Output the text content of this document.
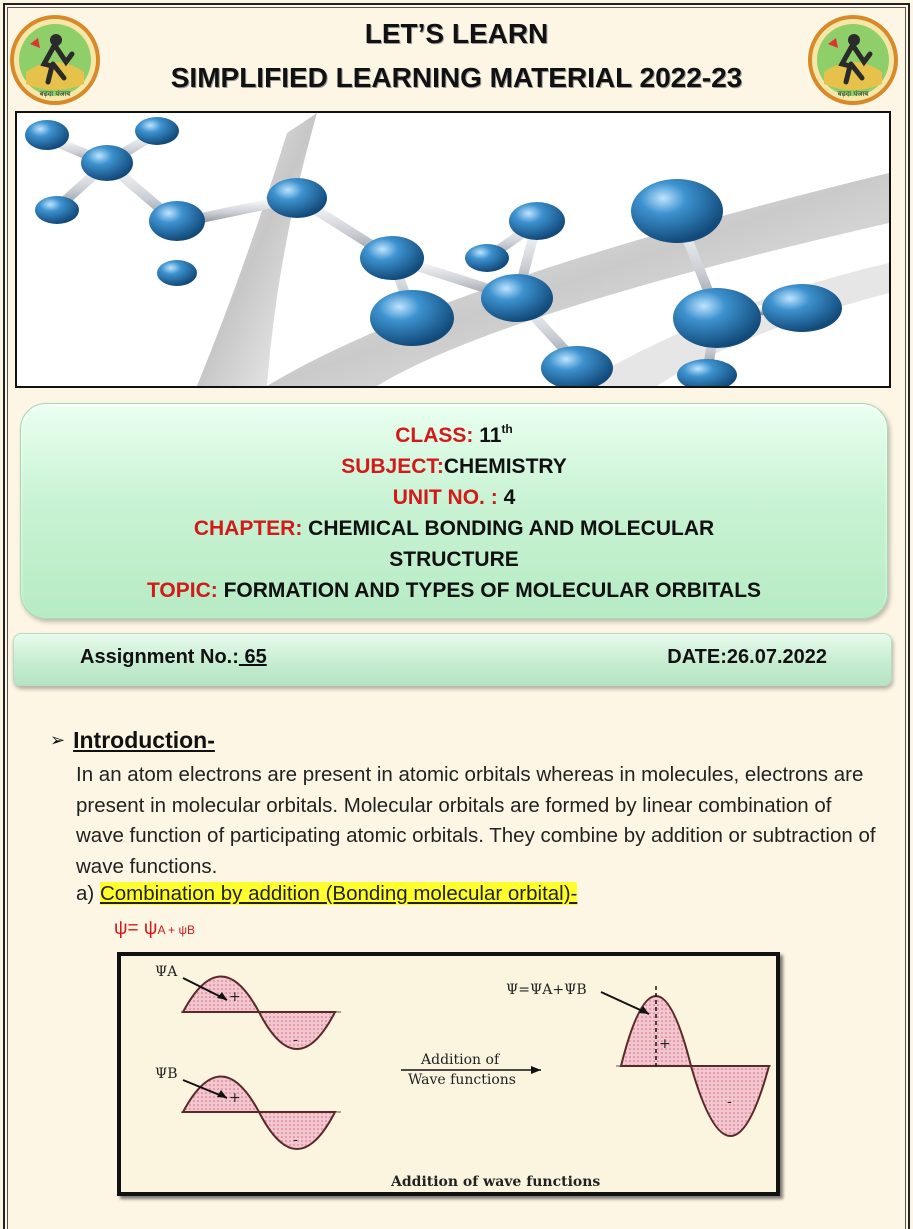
बढ़दा पंजाब	बढ़दा पंजाब
LET’S LEARN
SIMPLIFIED LEARNING MATERIAL 2022-23
CLASS: 11th
SUBJECT:CHEMISTRY
UNIT NO. : 4
CHAPTER: CHEMICAL BONDING AND MOLECULAR
STRUCTURE
TOPIC: FORMATION AND TYPES OF MOLECULAR ORBITALS
Assignment No.: 65	DATE:26.07.2022
➢ Introduction-
In an atom electrons are present in atomic orbitals whereas in molecules, electrons are present in molecular orbitals. Molecular orbitals are formed by linear combination of wave function of participating atomic orbitals. They combine by addition or subtraction of wave functions.
a) Combination by addition (Bonding molecular orbital)-
ψ= ψA + ψB
ΨA
+
-
ΨB
+
-
Addition of
Wave functions
Ψ=ΨA+ΨB
+
-
Addition of wave functions
